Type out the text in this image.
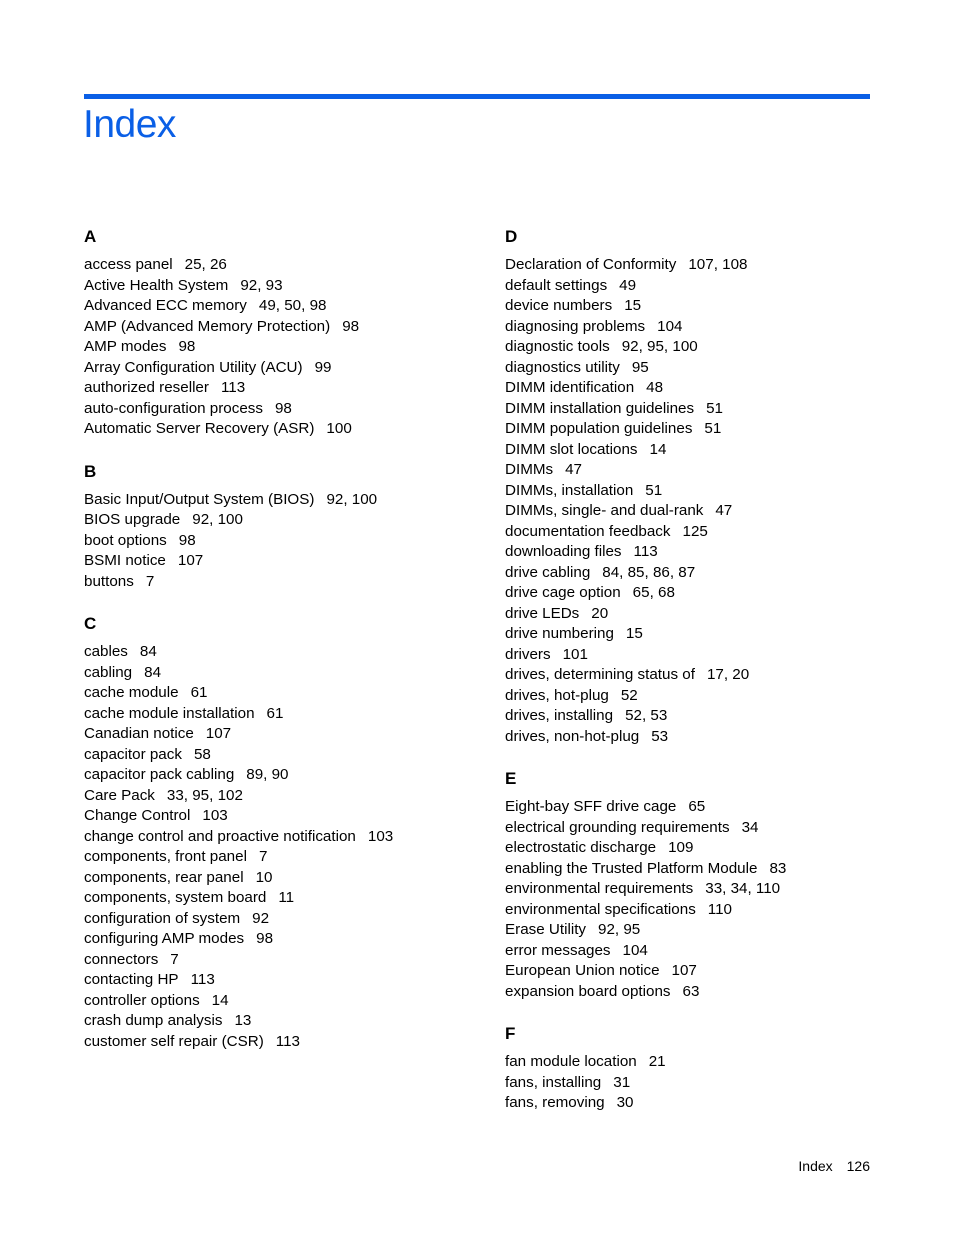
Index
A
access panel 25, 26
Active Health System 92, 93
Advanced ECC memory 49, 50, 98
AMP (Advanced Memory Protection) 98
AMP modes 98
Array Configuration Utility (ACU) 99
authorized reseller 113
auto-configuration process 98
Automatic Server Recovery (ASR) 100
B
Basic Input/Output System (BIOS) 92, 100
BIOS upgrade 92, 100
boot options 98
BSMI notice 107
buttons 7
C
cables 84
cabling 84
cache module 61
cache module installation 61
Canadian notice 107
capacitor pack 58
capacitor pack cabling 89, 90
Care Pack 33, 95, 102
Change Control 103
change control and proactive notification 103
components, front panel 7
components, rear panel 10
components, system board 11
configuration of system 92
configuring AMP modes 98
connectors 7
contacting HP 113
controller options 14
crash dump analysis 13
customer self repair (CSR) 113
D
Declaration of Conformity 107, 108
default settings 49
device numbers 15
diagnosing problems 104
diagnostic tools 92, 95, 100
diagnostics utility 95
DIMM identification 48
DIMM installation guidelines 51
DIMM population guidelines 51
DIMM slot locations 14
DIMMs 47
DIMMs, installation 51
DIMMs, single- and dual-rank 47
documentation feedback 125
downloading files 113
drive cabling 84, 85, 86, 87
drive cage option 65, 68
drive LEDs 20
drive numbering 15
drivers 101
drives, determining status of 17, 20
drives, hot-plug 52
drives, installing 52, 53
drives, non-hot-plug 53
E
Eight-bay SFF drive cage 65
electrical grounding requirements 34
electrostatic discharge 109
enabling the Trusted Platform Module 83
environmental requirements 33, 34, 110
environmental specifications 110
Erase Utility 92, 95
error messages 104
European Union notice 107
expansion board options 63
F
fan module location 21
fans, installing 31
fans, removing 30
Index 126
